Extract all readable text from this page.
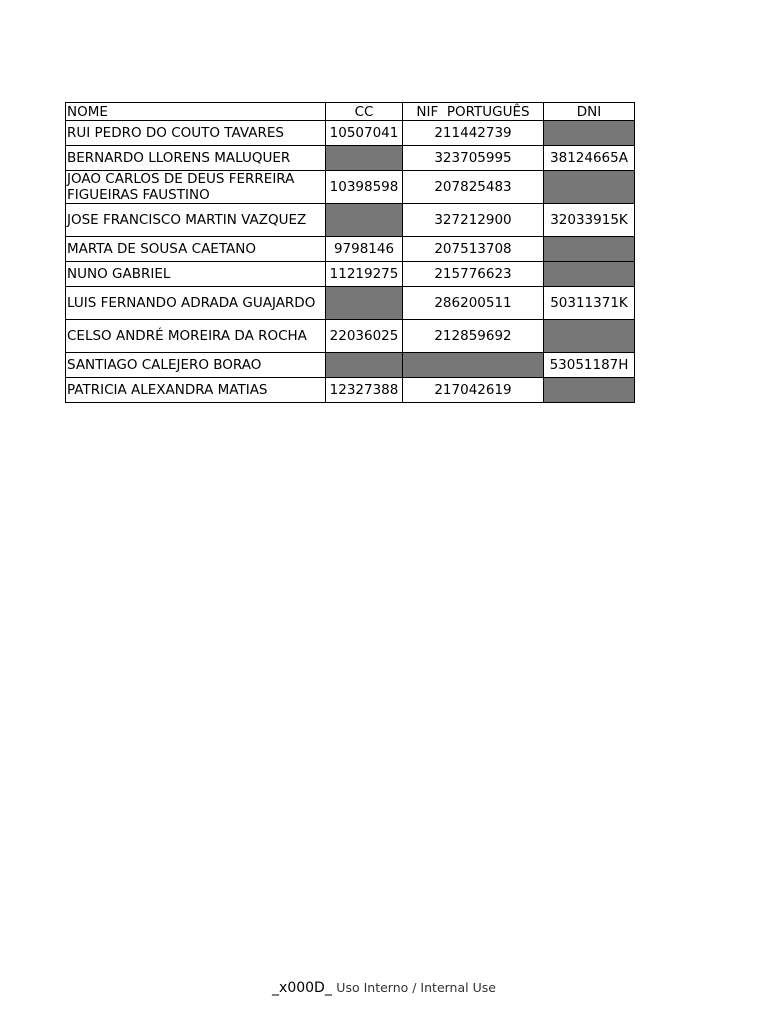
NOME	CC	NIF  PORTUGUÊS	DNI
RUI PEDRO DO COUTO TAVARES	10507041	211442739	
BERNARDO LLORENS MALUQUER		323705995	38124665A
JOAO CARLOS DE DEUS FERREIRA FIGUEIRAS FAUSTINO	10398598	207825483	
JOSE FRANCISCO MARTIN VAZQUEZ		327212900	32033915K
MARTA DE SOUSA CAETANO	9798146	207513708	
NUNO GABRIEL	11219275	215776623	
LUIS FERNANDO ADRADA GUAJARDO		286200511	50311371K
CELSO ANDRÉ MOREIRA DA ROCHA	22036025	212859692	
SANTIAGO CALEJERO BORAO			53051187H
PATRICIA ALEXANDRA MATIAS	12327388	217042619	
_x000D_ Uso Interno / Internal Use
